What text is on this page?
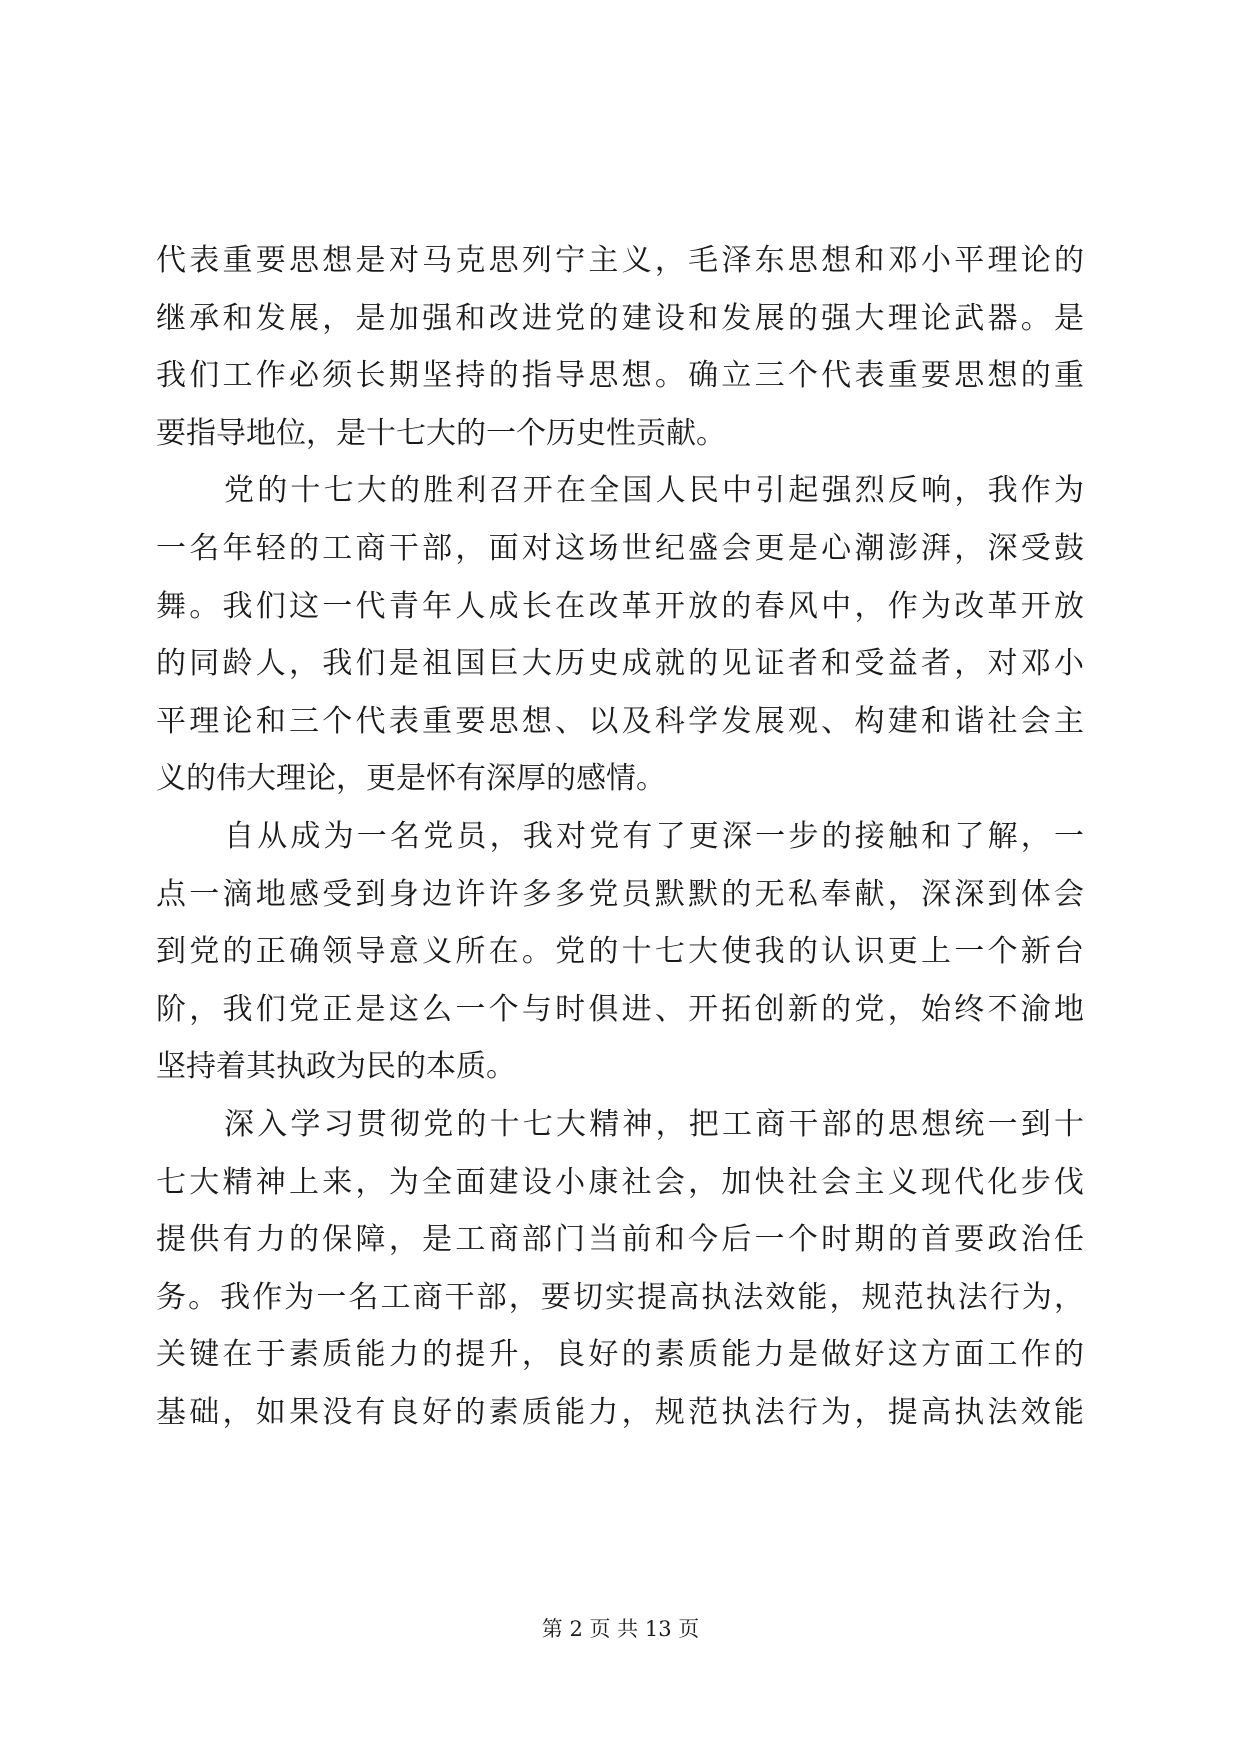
代表重要思想是对马克思列宁主义，毛泽东思想和邓小平理论的
继承和发展，是加强和改进党的建设和发展的强大理论武器。是
我们工作必须长期坚持的指导思想。确立三个代表重要思想的重
要指导地位，是十七大的一个历史性贡献。
党的十七大的胜利召开在全国人民中引起强烈反响，我作为
一名年轻的工商干部，面对这场世纪盛会更是心潮澎湃，深受鼓
舞。我们这一代青年人成长在改革开放的春风中，作为改革开放
的同龄人，我们是祖国巨大历史成就的见证者和受益者，对邓小
平理论和三个代表重要思想、以及科学发展观、构建和谐社会主
义的伟大理论，更是怀有深厚的感情。
自从成为一名党员，我对党有了更深一步的接触和了解，一
点一滴地感受到身边许许多多党员默默的无私奉献，深深到体会
到党的正确领导意义所在。党的十七大使我的认识更上一个新台
阶，我们党正是这么一个与时俱进、开拓创新的党，始终不渝地
坚持着其执政为民的本质。
深入学习贯彻党的十七大精神，把工商干部的思想统一到十
七大精神上来，为全面建设小康社会，加快社会主义现代化步伐
提供有力的保障，是工商部门当前和今后一个时期的首要政治任
务。我作为一名工商干部，要切实提高执法效能，规范执法行为，
关键在于素质能力的提升，良好的素质能力是做好这方面工作的
基础，如果没有良好的素质能力，规范执法行为，提高执法效能
第 2 页 共 13 页
